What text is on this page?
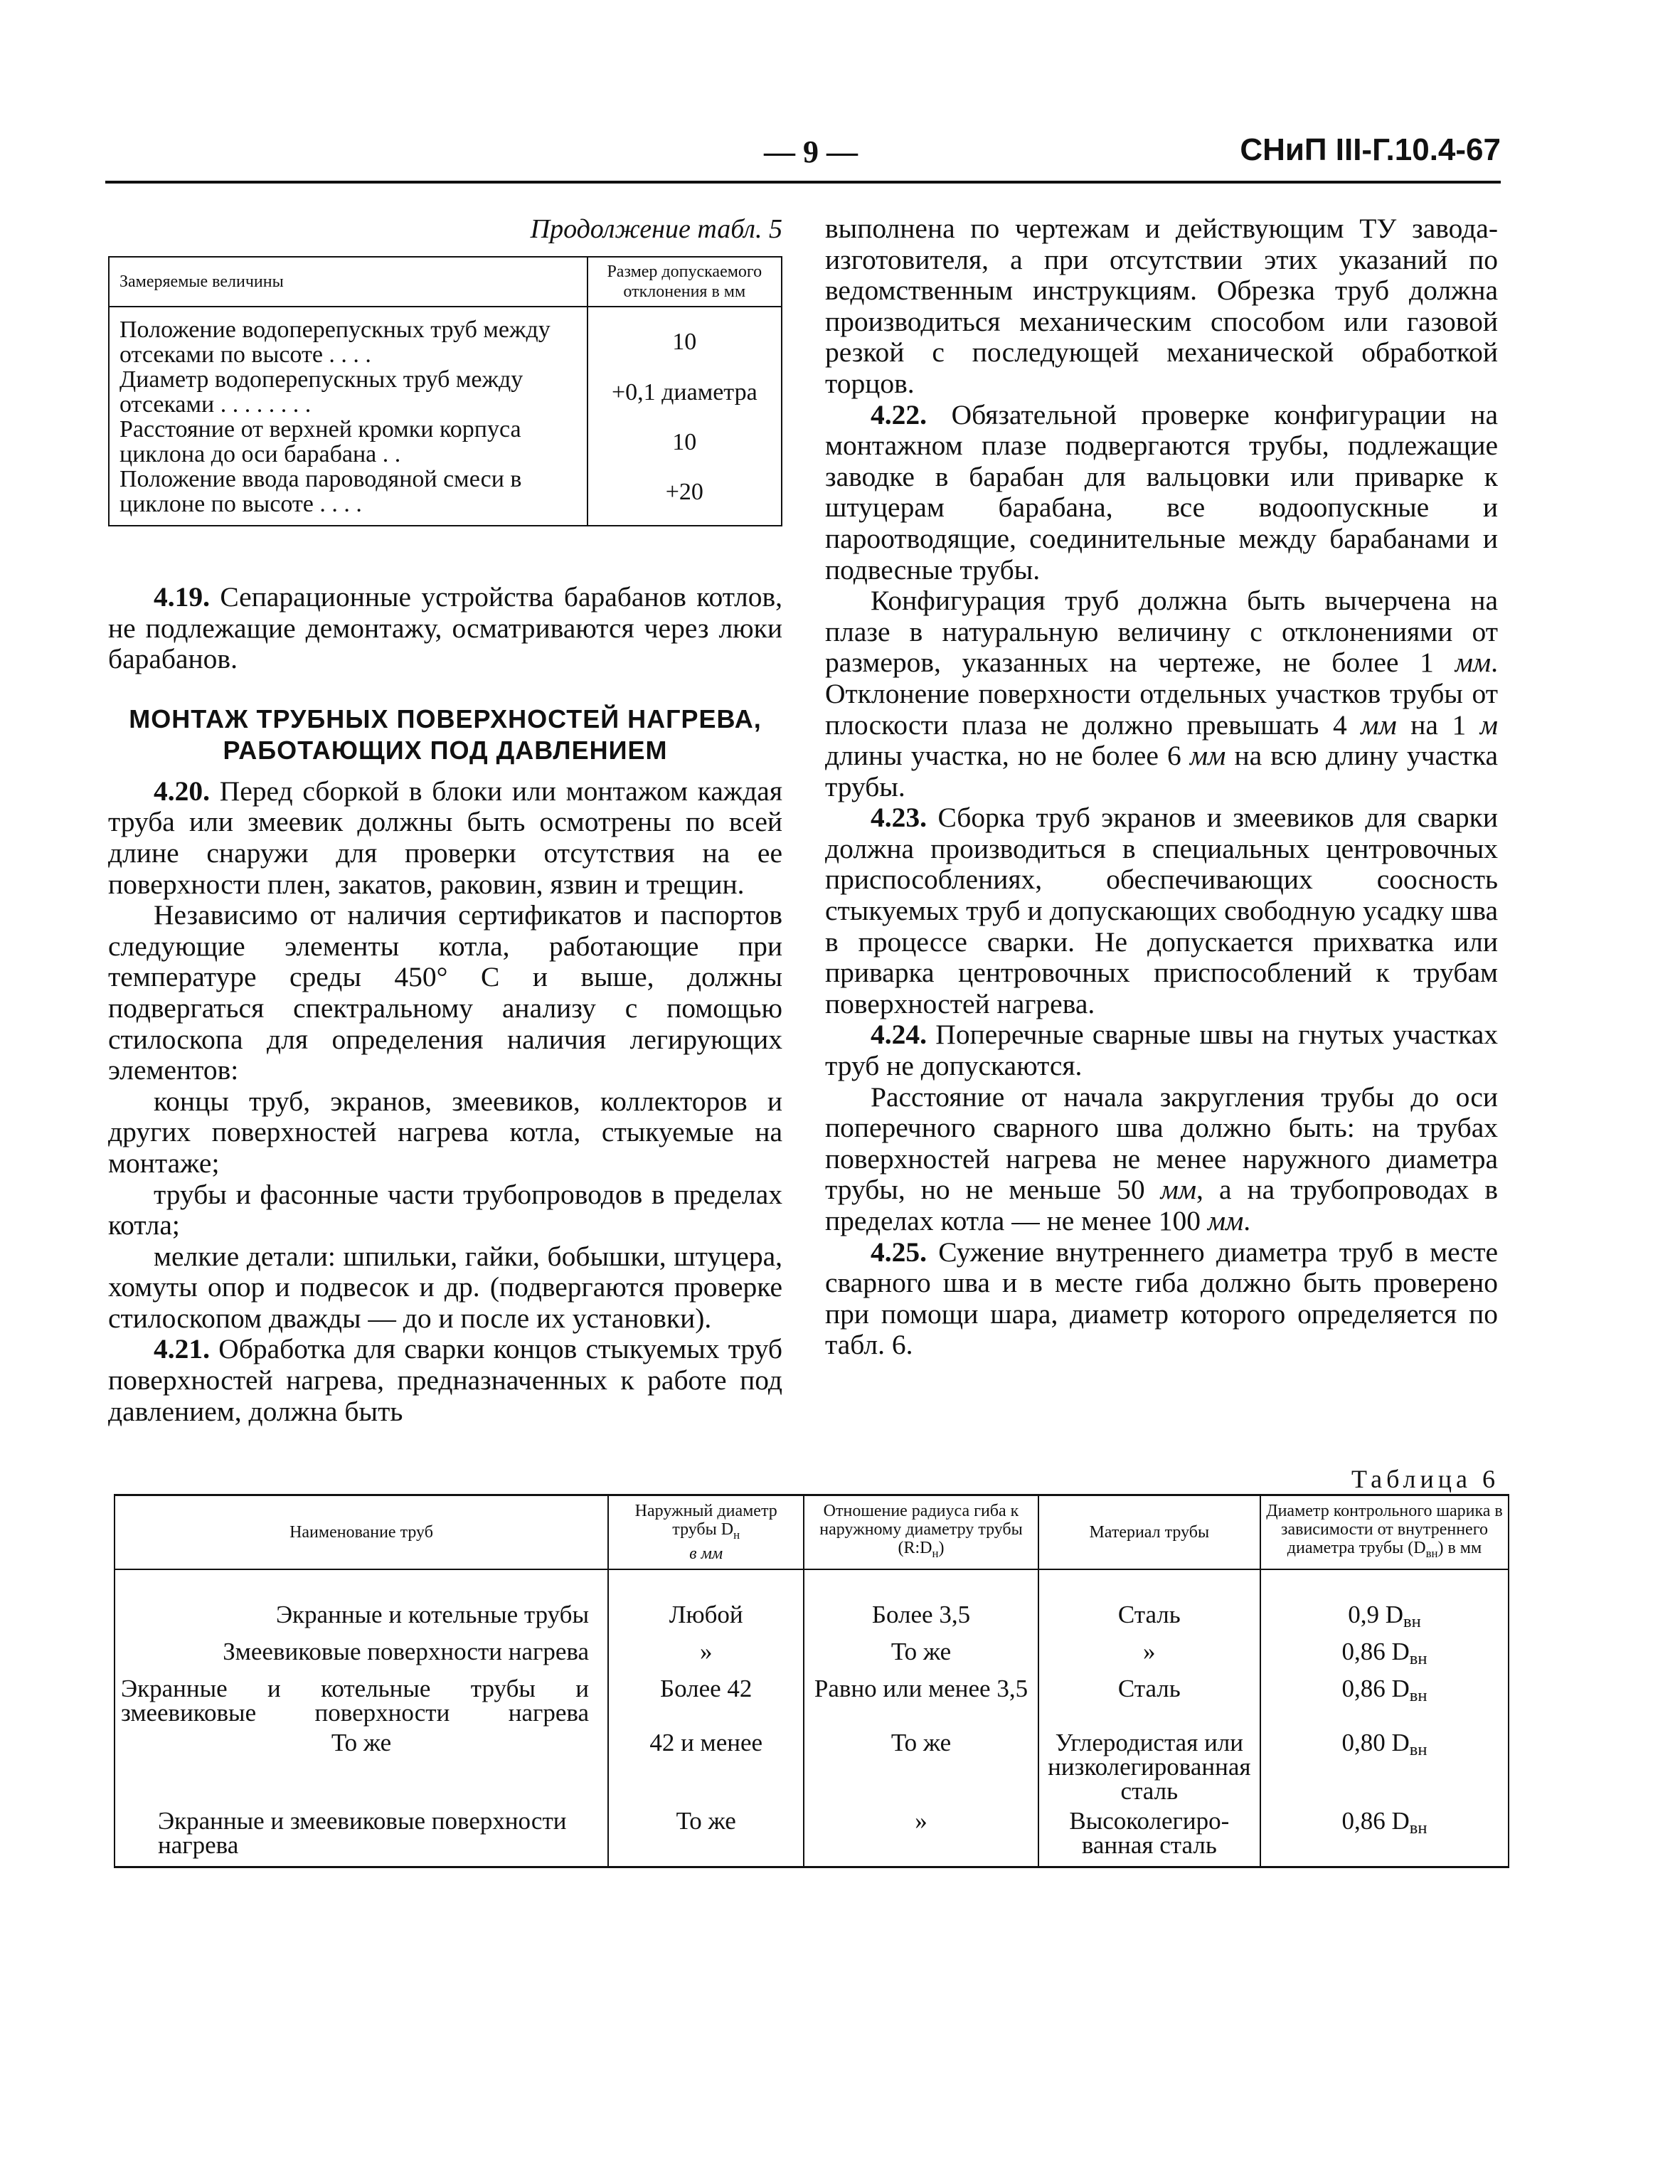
— 9 —	СНиП III-Г.10.4-67
Продолжение табл. 5
Замеряемые величины	Размер допускаемого отклонения в мм
Положение водоперепускных труб между отсеками по высоте . . . .	10
Диаметр водоперепускных труб между отсеками . . . . . . . .	+0,1 диаметра
Расстояние от верхней кромки корпуса циклона до оси барабана . .	10
Положение ввода пароводяной смеси в циклоне по высоте . . . .	+20

4.19. Сепарационные устройства барабанов котлов, не подлежащие демонтажу, осматриваются через люки барабанов.

МОНТАЖ ТРУБНЫХ ПОВЕРХНОСТЕЙ НАГРЕВА, РАБОТАЮЩИХ ПОД ДАВЛЕНИЕМ

4.20. Перед сборкой в блоки или монтажом каждая труба или змеевик должны быть осмотрены по всей длине снаружи для проверки отсутствия на ее поверхности плен, закатов, раковин, язвин и трещин.

Независимо от наличия сертификатов и паспортов следующие элементы котла, работающие при температуре среды 450° С и выше, должны подвергаться спектральному анализу с помощью стилоскопа для определения наличия легирующих элементов:

концы труб, экранов, змеевиков, коллекторов и других поверхностей нагрева котла, стыкуемые на монтаже;

трубы и фасонные части трубопроводов в пределах котла;

мелкие детали: шпильки, гайки, бобышки, штуцера, хомуты опор и подвесок и др. (подвергаются проверке стилоскопом дважды — до и после их установки).

4.21. Обработка для сварки концов стыкуемых труб поверхностей нагрева, предназначенных к работе под давлением, должна быть

выполнена по чертежам и действующим ТУ завода-изготовителя, а при отсутствии этих указаний по ведомственным инструкциям. Обрезка труб должна производиться механическим способом или газовой резкой с последующей механической обработкой торцов.

4.22. Обязательной проверке конфигурации на монтажном плазе подвергаются трубы, подлежащие заводке в барабан для вальцовки или приварке к штуцерам барабана, все водоопускные и пароотводящие, соединительные между барабанами и подвесные трубы.

Конфигурация труб должна быть вычерчена на плазе в натуральную величину с отклонениями от размеров, указанных на чертеже, не более 1 мм. Отклонение поверхности отдельных участков трубы от плоскости плаза не должно превышать 4 мм на 1 м длины участка, но не более 6 мм на всю длину участка трубы.

4.23. Сборка труб экранов и змеевиков для сварки должна производиться в специальных центровочных приспособлениях, обеспечивающих соосность стыкуемых труб и допускающих свободную усадку шва в процессе сварки. Не допускается прихватка или приварка центровочных приспособлений к трубам поверхностей нагрева.

4.24. Поперечные сварные швы на гнутых участках труб не допускаются.

Расстояние от начала закругления трубы до оси поперечного сварного шва должно быть: на трубах поверхностей нагрева не менее наружного диаметра трубы, но не меньше 50 мм, а на трубопроводах в пределах котла — не менее 100 мм.

4.25. Сужение внутреннего диаметра труб в месте сварного шва и в месте гиба должно быть проверено при помощи шара, диаметр которого определяется по табл. 6.

Таблица 6
Наименование труб	Наружный диаметр трубы $D_н$
в мм	Отношение радиуса гиба к наружному диаметру трубы $(R:D_н)$	Материал трубы	Диаметр контрольного шарика в зависимости от внутреннего диаметра трубы $(D_{вн})$ в мм
Экранные и котельные трубы	Любой	Более 3,5	Сталь	0,9 $D_{вн}$
Змеевиковые поверхности нагрева	»	То же	»	0,86 $D_{вн}$
Экранные и котельные трубы и змеевиковые поверхности нагрева	Более 42	Равно или менее 3,5	Сталь	0,86 $D_{вн}$
То же	42 и менее	То же	Углеродистая или низколегированная сталь	0,80 $D_{вн}$
Экранные и змеевиковые поверхности нагрева	То же	»	Высоколегированная сталь	0,86 $D_{вн}$
